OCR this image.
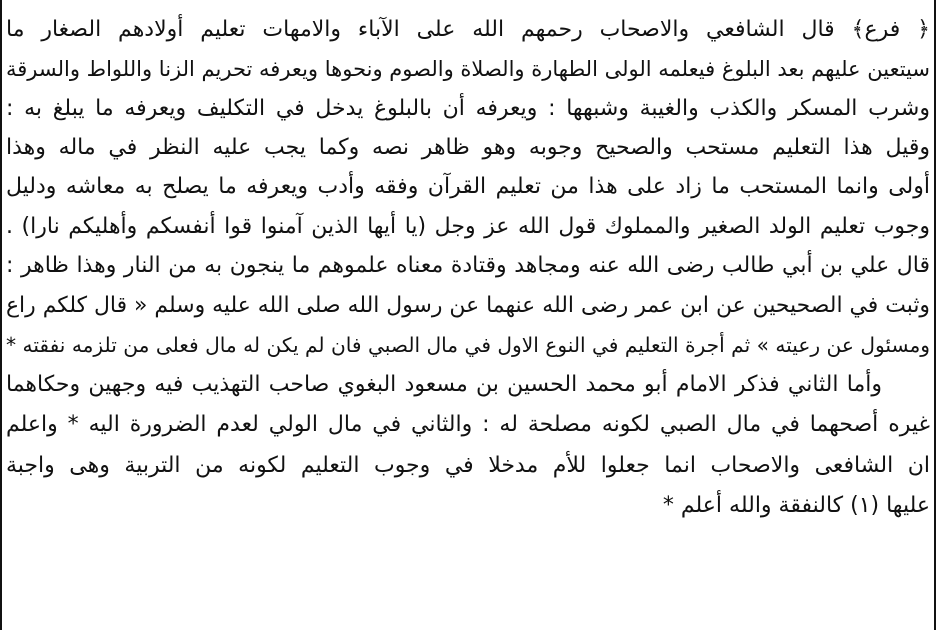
﴿ فرع﴾ قال الشافعي والاصحاب رحمهم الله على الآباء والامهات تعليم أولادهم الصغار ما
سيتعين عليهم بعد البلوغ فيعلمه الولى الطهارة والصلاة والصوم ونحوها ويعرفه تحريم الزنا واللواط والسرقة
وشرب المسكر والكذب والغيبة وشبهها : ويعرفه أن بالبلوغ يدخل في التكليف ويعرفه ما يبلغ به :
وقيل هذا التعليم مستحب والصحيح وجوبه وهو ظاهر نصه وكما يجب عليه النظر في ماله وهذا
أولى وانما المستحب ما زاد على هذا من تعليم القرآن وفقه وأدب ويعرفه ما يصلح به معاشه ودليل
وجوب تعليم الولد الصغير والمملوك قول الله عز وجل (يا أيها الذين آمنوا قوا أنفسكم وأهليكم نارا) .
قال علي بن أبي طالب رضى الله عنه ومجاهد وقتادة معناه علموهم ما ينجون به من النار وهذا ظاهر :
وثبت في الصحيحين عن ابن عمر رضى الله عنهما عن رسول الله صلى الله عليه وسلم « قال كلكم راع
ومسئول عن رعيته » ثم أجرة التعليم في النوع الاول في مال الصبي فان لم يكن له مال فعلى من تلزمه نفقته *
وأما الثاني فذكر الامام أبو محمد الحسين بن مسعود البغوي صاحب التهذيب فيه وجهين وحكاهما
غيره أصحهما في مال الصبي لكونه مصلحة له : والثاني في مال الولي لعدم الضرورة اليه * واعلم
ان الشافعى والاصحاب انما جعلوا للأم مدخلا في وجوب التعليم لكونه من التربية وهى واجبة
عليها (١) كالنفقة والله أعلم *
